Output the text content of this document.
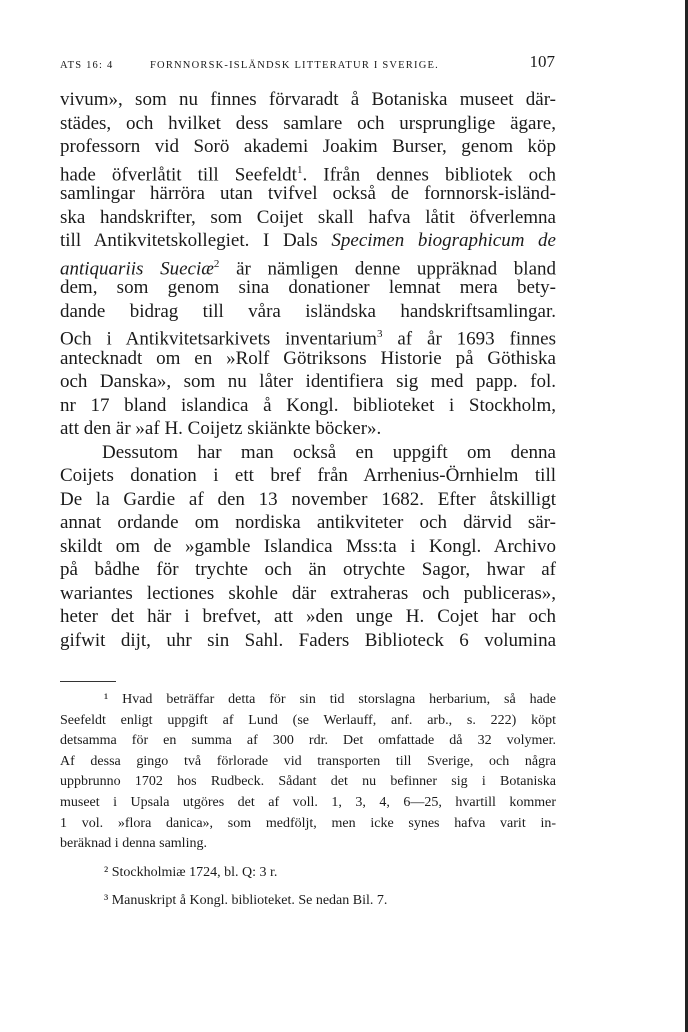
ATS 16: 4	FORNNORSK-ISLÄNDSK LITTERATUR I SVERIGE.	107
vivum», som nu finnes förvaradt å Botaniska museet där-
städes, och hvilket dess samlare och ursprunglige ägare,
professorn vid Sorö akademi Joakim Burser, genom köp
hade öfverlåtit till Seefeldt$^1$. Ifrån dennes bibliotek och
samlingar härröra utan tvifvel också de fornnorsk-isländ-
ska handskrifter, som Coijet skall hafva låtit öfverlemna
till Antikvitetskollegiet. I Dals Specimen biographicum de
antiquariis Sueciæ$^2$ är nämligen denne uppräknad bland
dem, som genom sina donationer lemnat mera bety-
dande bidrag till våra isländska handskriftsamlingar.
Och i Antikvitetsarkivets inventarium$^3$ af år 1693 finnes
antecknadt om en »Rolf Götriksons Historie på Göthiska
och Danska», som nu låter identifiera sig med papp. fol.
nr 17 bland islandica å Kongl. biblioteket i Stockholm,
att den är »af H. Coijetz skiänkte böcker».
Dessutom har man också en uppgift om denna
Coijets donation i ett bref från Arrhenius-Örnhielm till
De la Gardie af den 13 november 1682. Efter åtskilligt
annat ordande om nordiska antikviteter och därvid sär-
skildt om de »gamble Islandica Mss:ta i Kongl. Archivo
på bådhe för trychte och än otrychte Sagor, hwar af
wariantes lectiones skohle där extraheras och publiceras»,
heter det här i brefvet, att »den unge H. Cojet har och
gifwit dijt, uhr sin Sahl. Faders Biblioteck 6 volumina
¹ Hvad beträffar detta för sin tid storslagna herbarium, så hade
Seefeldt enligt uppgift af Lund (se Werlauff, anf. arb., s. 222) köpt
detsamma för en summa af 300 rdr. Det omfattade då 32 volymer.
Af dessa gingo två förlorade vid transporten till Sverige, och några
uppbrunno 1702 hos Rudbeck. Sådant det nu befinner sig i Botaniska
museet i Upsala utgöres det af voll. 1, 3, 4, 6—25, hvartill kommer
1 vol. »flora danica», som medföljt, men icke synes hafva varit in-
beräknad i denna samling.
² Stockholmiæ 1724, bl. Q: 3 r.
³ Manuskript å Kongl. biblioteket. Se nedan Bil. 7.
